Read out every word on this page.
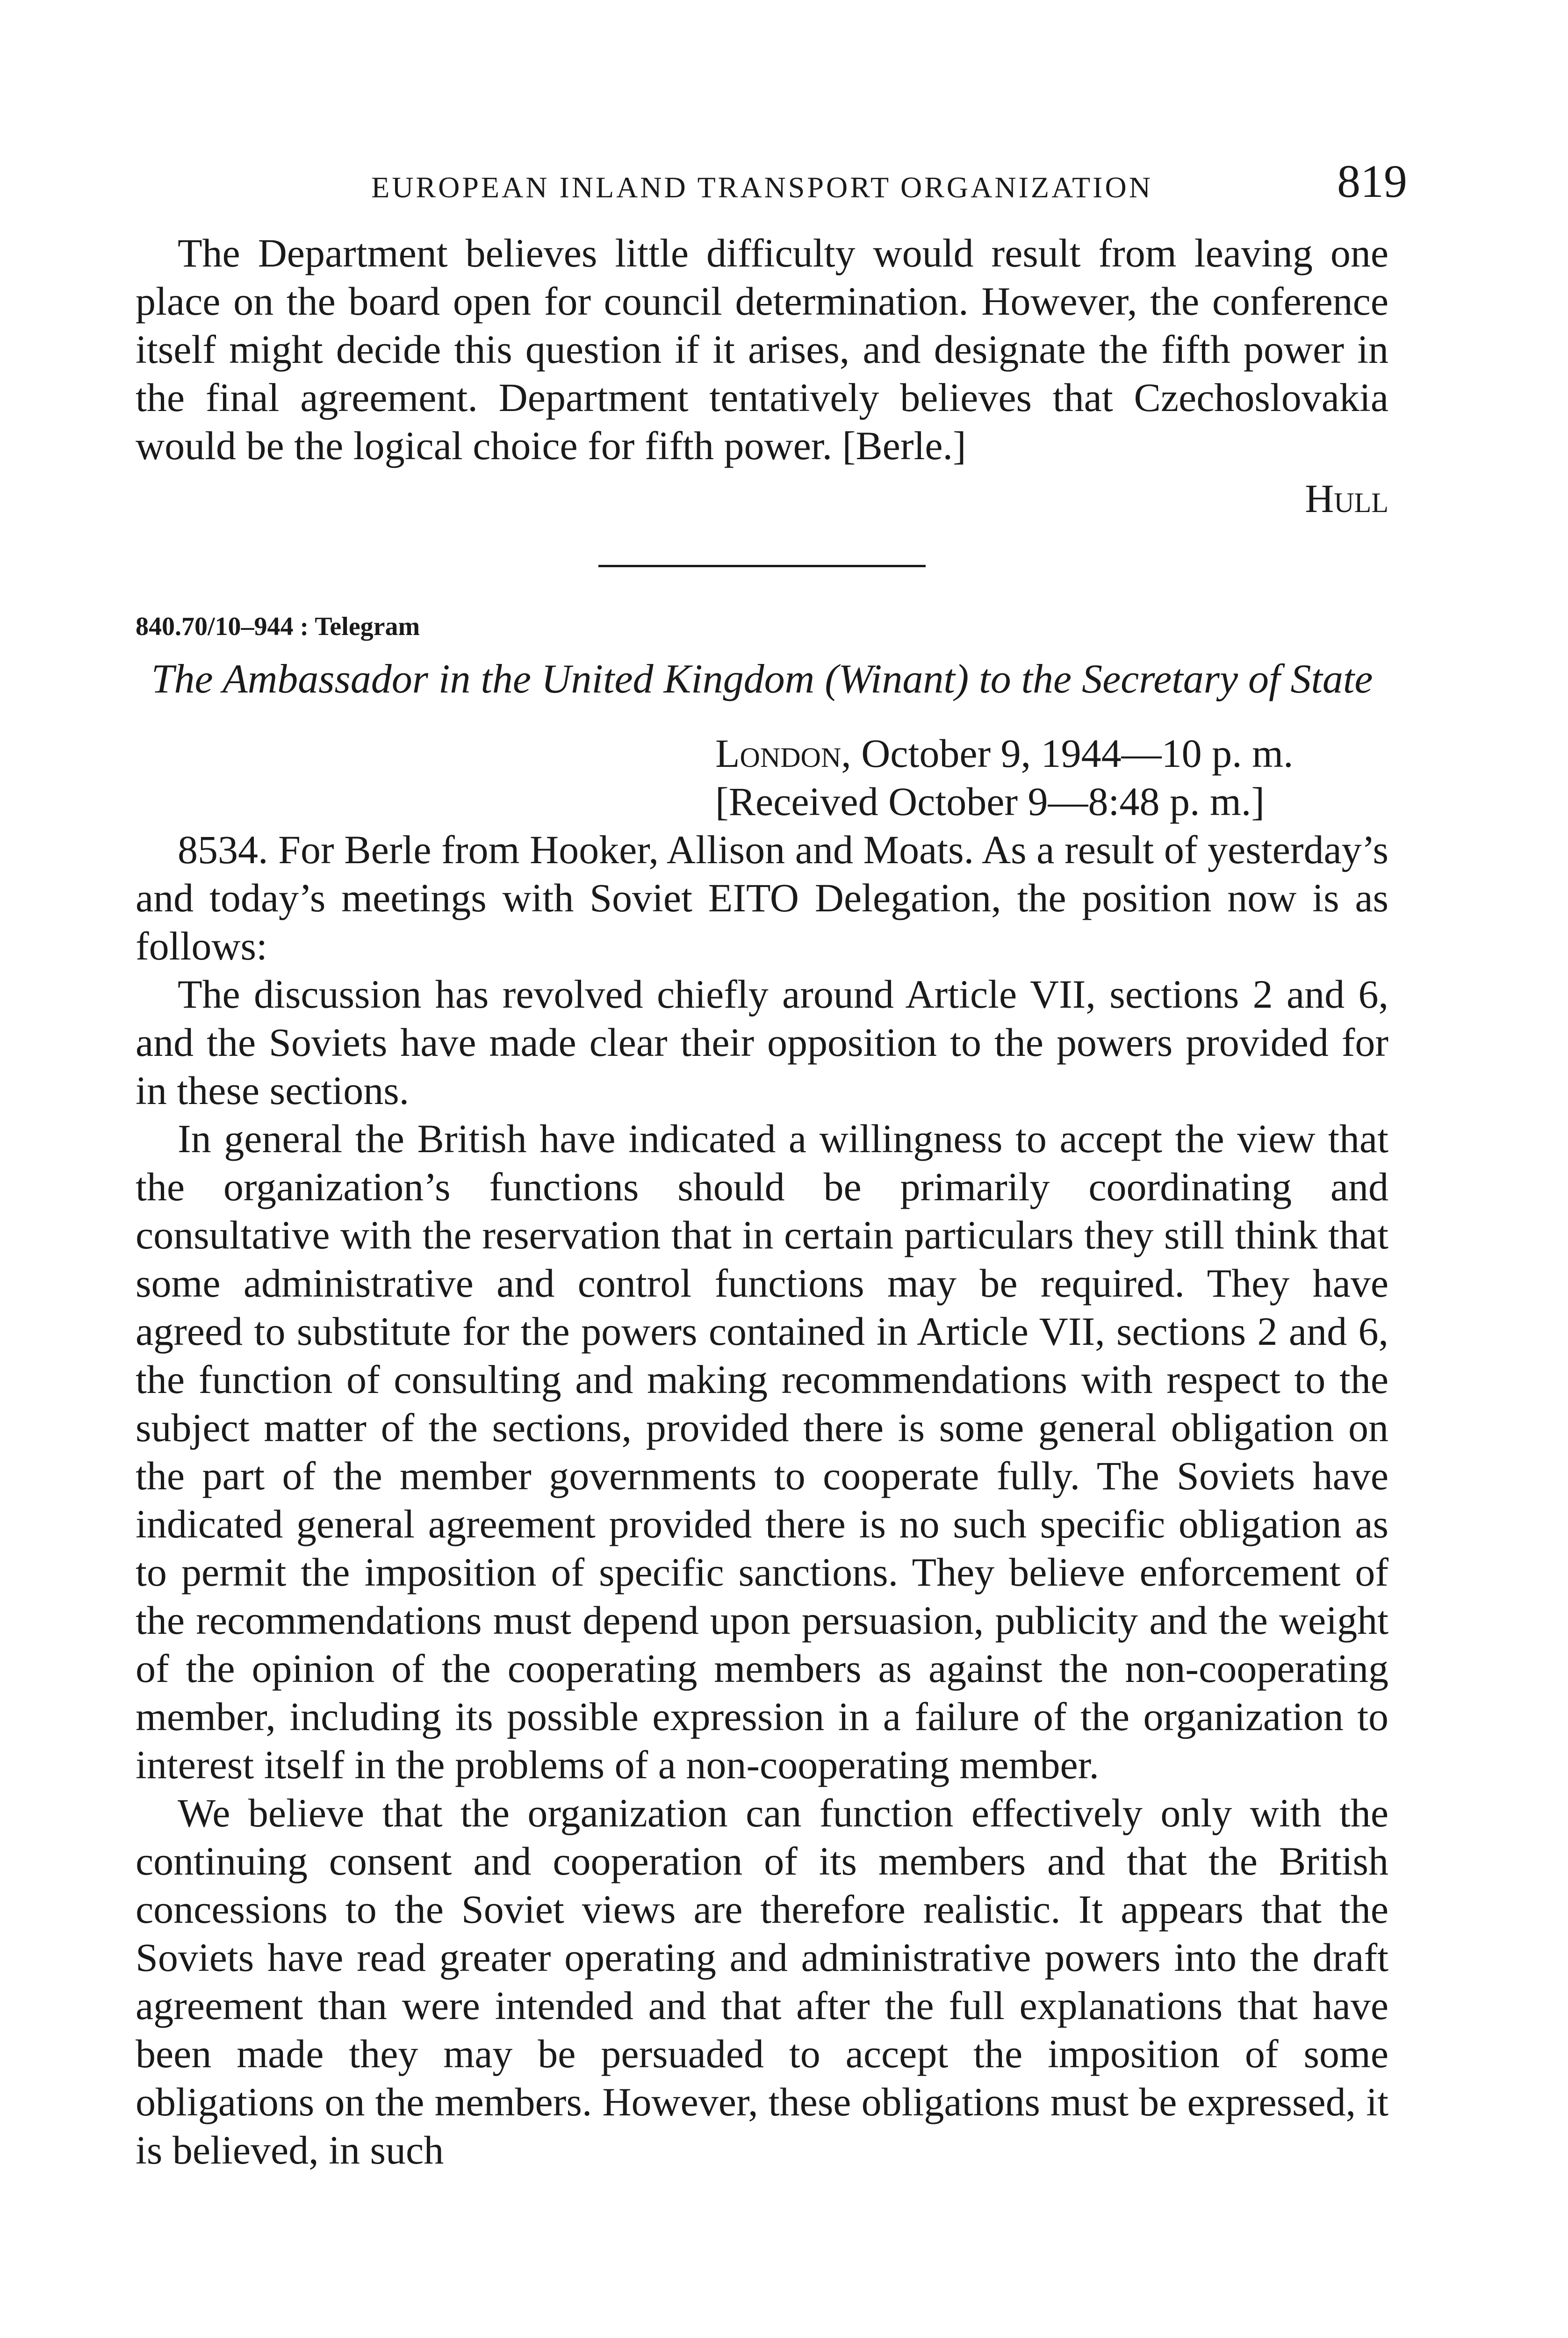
EUROPEAN INLAND TRANSPORT ORGANIZATION	819

The Department believes little difficulty would result from leaving one place on the board open for council determination. However, the conference itself might decide this question if it arises, and designate the fifth power in the final agreement. Department tentatively believes that Czechoslovakia would be the logical choice for fifth power. [Berle.]

Hull
840.70/10–944 : Telegram
The Ambassador in the United Kingdom (Winant) to the Secretary of State
London, October 9, 1944—10 p. m.
[Received October 9—8:48 p. m.]

8534. For Berle from Hooker, Allison and Moats. As a result of yesterday’s and today’s meetings with Soviet EITO Delegation, the position now is as follows:

The discussion has revolved chiefly around Article VII, sections 2 and 6, and the Soviets have made clear their opposition to the powers provided for in these sections.

In general the British have indicated a willingness to accept the view that the organization’s functions should be primarily coordinating and consultative with the reservation that in certain particulars they still think that some administrative and control functions may be required. They have agreed to substitute for the powers contained in Article VII, sections 2 and 6, the function of consulting and making recommendations with respect to the subject matter of the sections, provided there is some general obligation on the part of the member governments to cooperate fully. The Soviets have indicated general agreement provided there is no such specific obligation as to permit the imposition of specific sanctions. They believe enforcement of the recommendations must depend upon persuasion, publicity and the weight of the opinion of the cooperating members as against the non-cooperating member, including its possible expression in a failure of the organization to interest itself in the problems of a non-cooperating member.

We believe that the organization can function effectively only with the continuing consent and cooperation of its members and that the British concessions to the Soviet views are therefore realistic. It appears that the Soviets have read greater operating and administrative powers into the draft agreement than were intended and that after the full explanations that have been made they may be persuaded to accept the imposition of some obligations on the members. However, these obligations must be expressed, it is believed, in such
